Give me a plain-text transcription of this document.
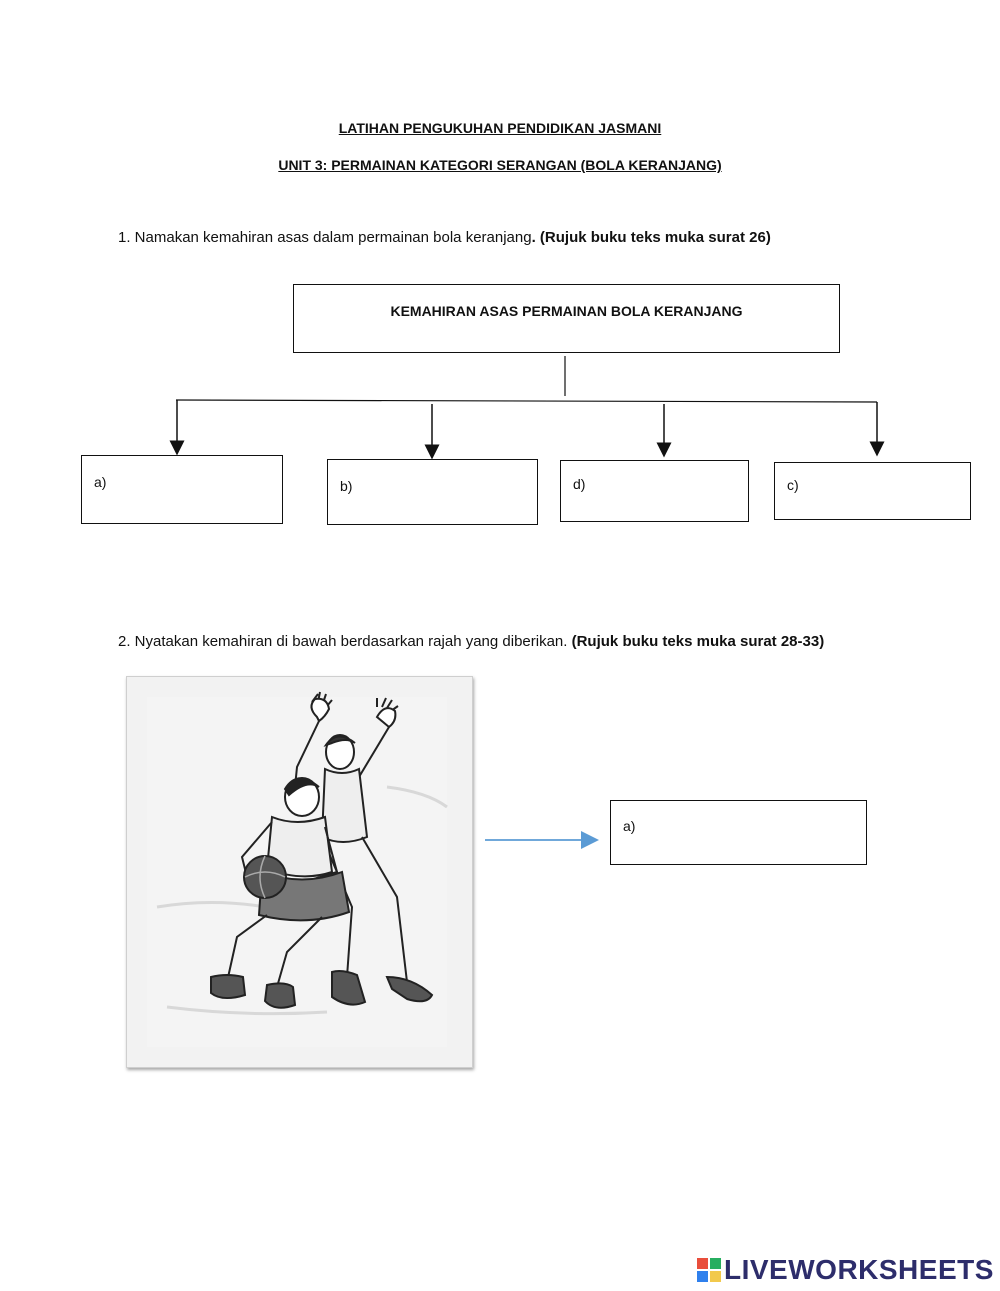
LATIHAN PENGUKUHAN PENDIDIKAN JASMANI
UNIT 3: PERMAINAN KATEGORI SERANGAN (BOLA KERANJANG)
1. Namakan kemahiran asas dalam permainan bola keranjang. (Rujuk buku teks muka surat 26)
KEMAHIRAN ASAS PERMAINAN BOLA KERANJANG
a)	b)	d)	c)
2. Nyatakan kemahiran di bawah berdasarkan rajah yang diberikan. (Rujuk buku teks muka surat 28-33)
a)
LIVEWORKSHEETS
